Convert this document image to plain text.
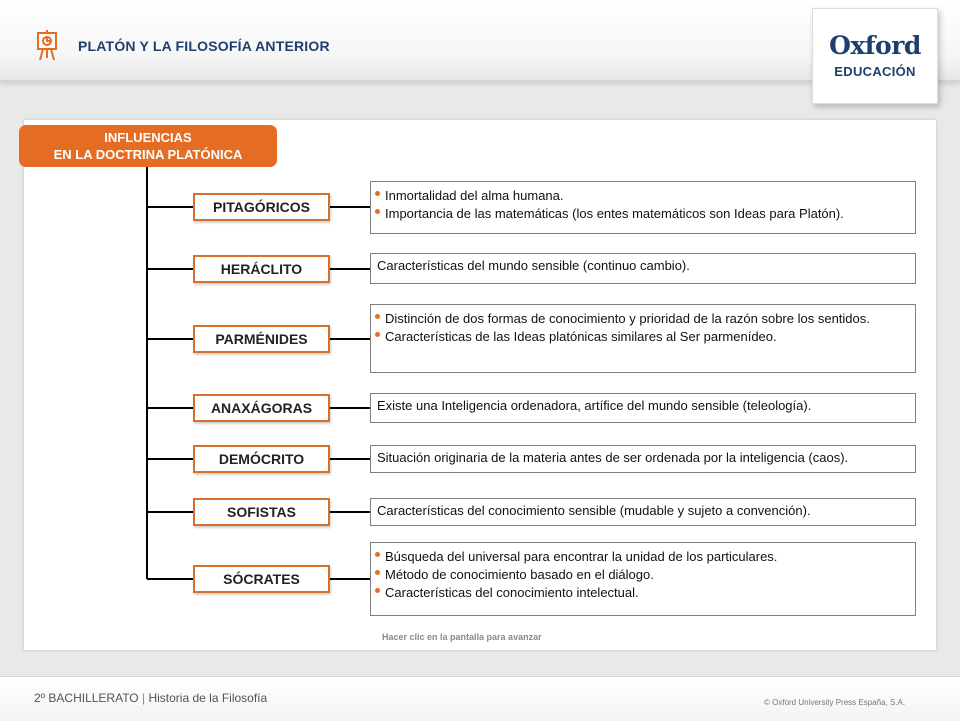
PLATÓN Y LA FILOSOFÍA ANTERIOR	Oxford
EDUCACIÓN
INFLUENCIAS
EN LA DOCTRINA PLATÓNICA
PITAGÓRICOS
HERÁCLITO
PARMÉNIDES
ANAXÁGORAS
DEMÓCRITO
SOFISTAS
SÓCRATES
Inmortalidad del alma humana.
Importancia de las matemáticas (los entes matemáticos son Ideas para Platón).
Características del mundo sensible (continuo cambio).
Distinción de dos formas de conocimiento y prioridad de la razón sobre los sentidos.
Características de las Ideas platónicas similares al Ser parmenídeo.
Existe una Inteligencia ordenadora, artífice del mundo sensible (teleología).
Situación originaria de la materia antes de ser ordenada por la inteligencia (caos).
Características del conocimiento sensible (mudable y sujeto a convención).
Búsqueda del universal para encontrar la unidad de los particulares.
Método de conocimiento basado en el diálogo.
Características del conocimiento intelectual.
Hacer clic en la pantalla para avanzar
2º BACHILLERATO | Historia de la Filosofía	© Oxford University Press España, S.A.
